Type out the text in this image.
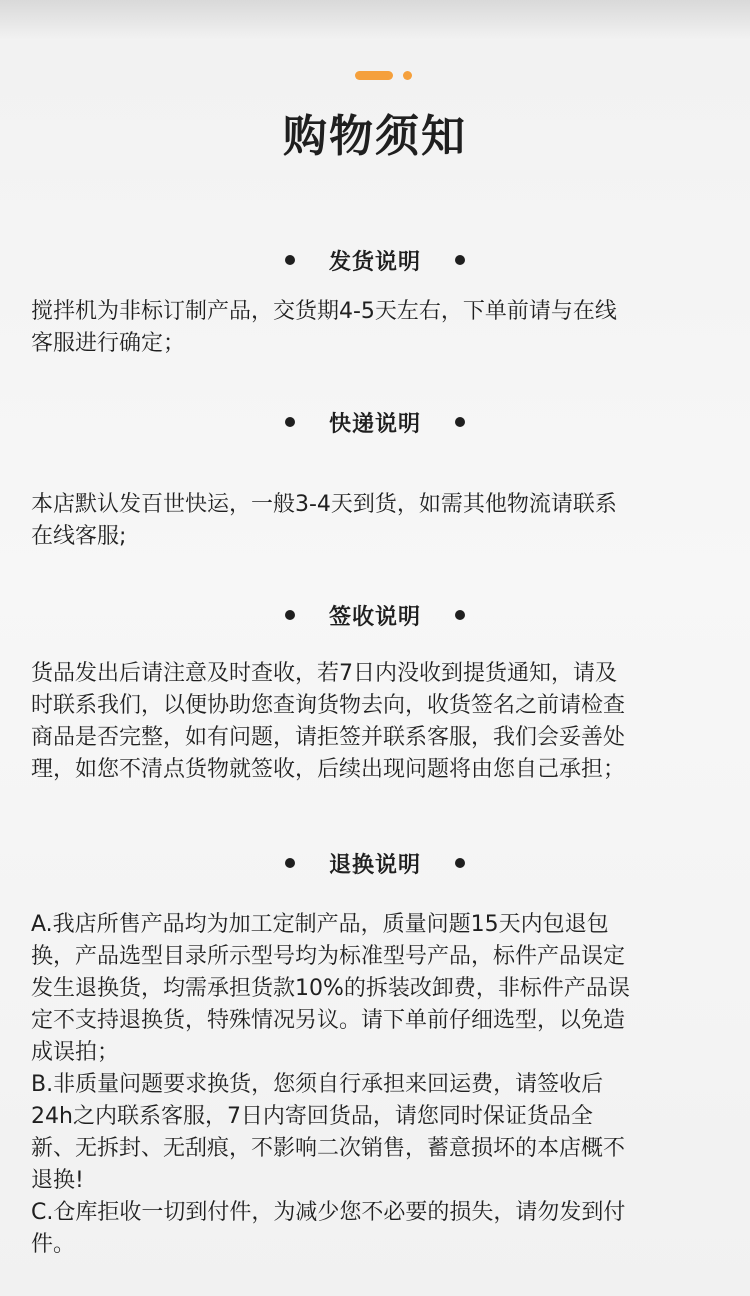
购物须知
发货说明
搅拌机为非标订制产品，交货期4-5天左右，下单前请与在线
客服进行确定；
快递说明
本店默认发百世快运，一般3-4天到货，如需其他物流请联系
在线客服;
签收说明
货品发出后请注意及时查收，若7日内没收到提货通知，请及
时联系我们，以便协助您查询货物去向，收货签名之前请检查
商品是否完整，如有问题，请拒签并联系客服，我们会妥善处
理，如您不清点货物就签收，后续出现问题将由您自己承担；
退换说明
A.我店所售产品均为加工定制产品，质量问题15天内包退包
换，产品选型目录所示型号均为标准型号产品，标件产品误定
发生退换货，均需承担货款10%的拆装改卸费，非标件产品误
定不支持退换货，特殊情况另议。请下单前仔细选型，以免造
成误拍；
B.非质量问题要求换货，您须自行承担来回运费，请签收后
24h之内联系客服，7日内寄回货品，请您同时保证货品全
新、无拆封、无刮痕，不影响二次销售，蓄意损坏的本店概不
退换!
C.仓库拒收一切到付件，为减少您不必要的损失，请勿发到付
件。
